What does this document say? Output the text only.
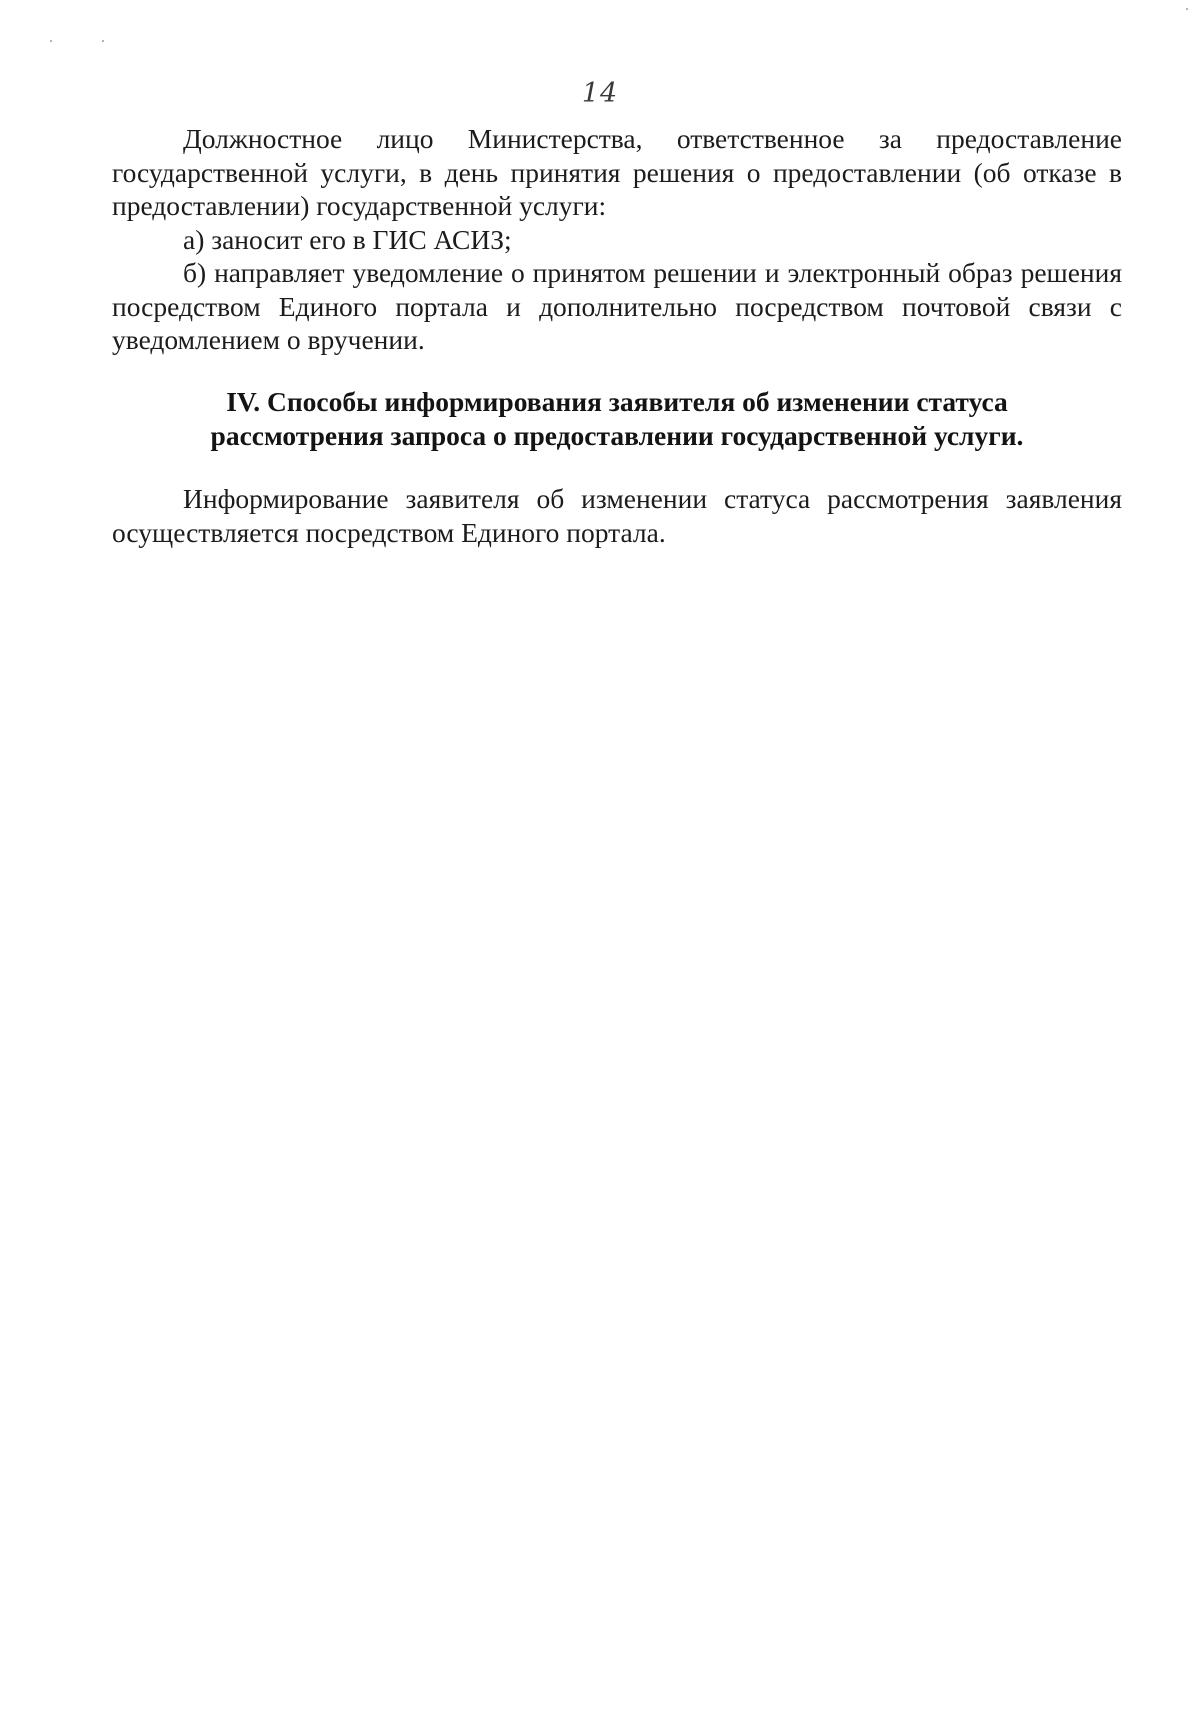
14

Должностное лицо Министерства, ответственное за предоставление государственной услуги, в день принятия решения о предоставлении (об отказе в предоставлении) государственной услуги:

а) заносит его в ГИС АСИЗ;

б) направляет уведомление о принятом решении и электронный образ решения посредством Единого портала и дополнительно посредством почтовой связи с уведомлением о вручении.

IV. Способы информирования заявителя об изменении статуса
рассмотрения запроса о предоставлении государственной услуги.

Информирование заявителя об изменении статуса рассмотрения заявления осуществляется посредством Единого портала.
